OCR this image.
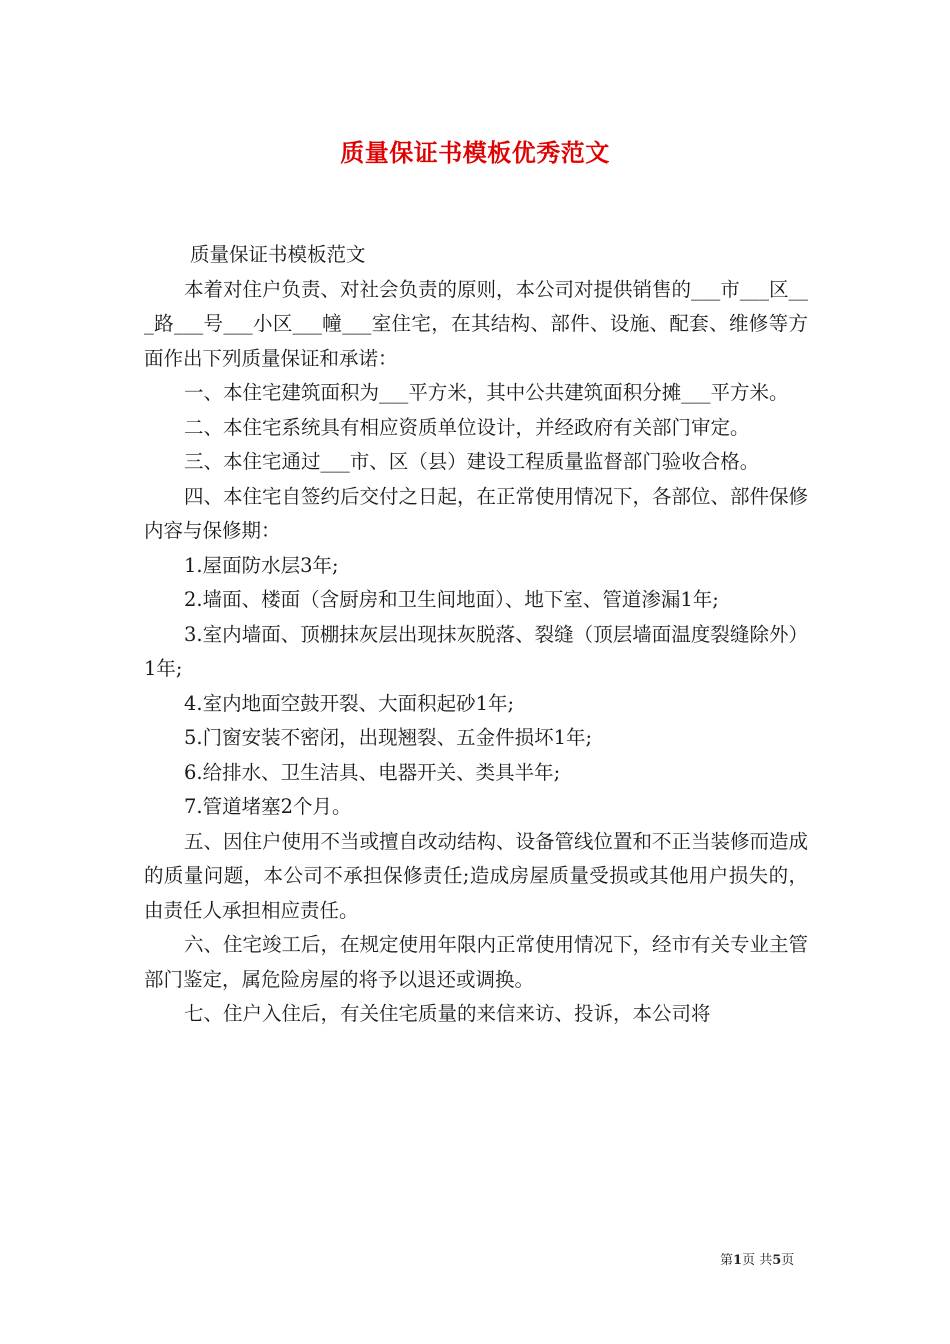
质量保证书模板优秀范文

质量保证书模板范文

本着对住户负责、对社会负责的原则，本公司对提供销售的___市___区___路___号___小区___幢___室住宅，在其结构、部件、设施、配套、维修等方面作出下列质量保证和承诺：

一、本住宅建筑面积为___平方米，其中公共建筑面积分摊___平方米。

二、本住宅系统具有相应资质单位设计，并经政府有关部门审定。

三、本住宅通过___市、区（县）建设工程质量监督部门验收合格。

四、本住宅自签约后交付之日起，在正常使用情况下，各部位、部件保修内容与保修期：

1.屋面防水层3年;

2.墙面、楼面（含厨房和卫生间地面）、地下室、管道渗漏1年;

3.室内墙面、顶棚抹灰层出现抹灰脱落、裂缝（顶层墙面温度裂缝除外）1年;

4.室内地面空鼓开裂、大面积起砂1年;

5.门窗安装不密闭，出现翘裂、五金件损坏1年;

6.给排水、卫生洁具、电器开关、类具半年;

7.管道堵塞2个月。

五、因住户使用不当或擅自改动结构、设备管线位置和不正当装修而造成的质量问题，本公司不承担保修责任;造成房屋质量受损或其他用户损失的，由责任人承担相应责任。

六、住宅竣工后，在规定使用年限内正常使用情况下，经市有关专业主管部门鉴定，属危险房屋的将予以退还或调换。

七、住户入住后，有关住宅质量的来信来访、投诉，本公司将

第1页 共5页
